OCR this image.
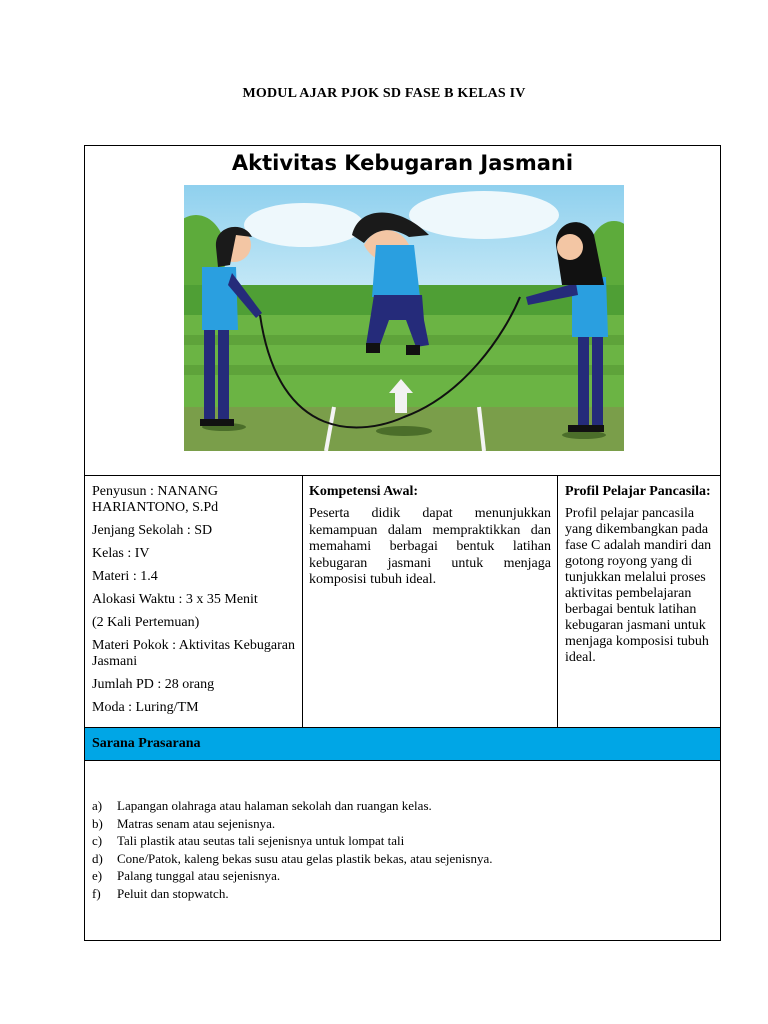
MODUL AJAR PJOK SD FASE B KELAS IV
Aktivitas Kebugaran Jasmani

Penyusun : NANANG HARIANTONO, S.Pd

Jenjang Sekolah : SD

Kelas : IV

Materi : 1.4

Alokasi Waktu : 3 x 35 Menit

(2 Kali Pertemuan)

Materi Pokok : Aktivitas Kebugaran Jasmani

Jumlah PD : 28 orang

Moda : Luring/TM

Kompetensi Awal:

Peserta didik dapat menunjukkan kemampuan dalam mempraktikkan dan memahami berbagai bentuk latihan kebugaran jasmani untuk menjaga komposisi tubuh ideal.

Profil Pelajar Pancasila:

Profil pelajar pancasila yang dikembangkan pada fase C adalah mandiri dan gotong royong yang di tunjukkan melalui proses aktivitas pembelajaran berbagai bentuk latihan kebugaran jasmani untuk menjaga komposisi tubuh ideal.

Sarana Prasarana
a) Lapangan olahraga atau halaman sekolah dan ruangan kelas.
b) Matras senam atau sejenisnya.
c) Tali plastik atau seutas tali sejenisnya untuk lompat tali
d) Cone/Patok, kaleng bekas susu atau gelas plastik bekas, atau sejenisnya.
e) Palang tunggal atau sejenisnya.
f) Peluit dan stopwatch.
